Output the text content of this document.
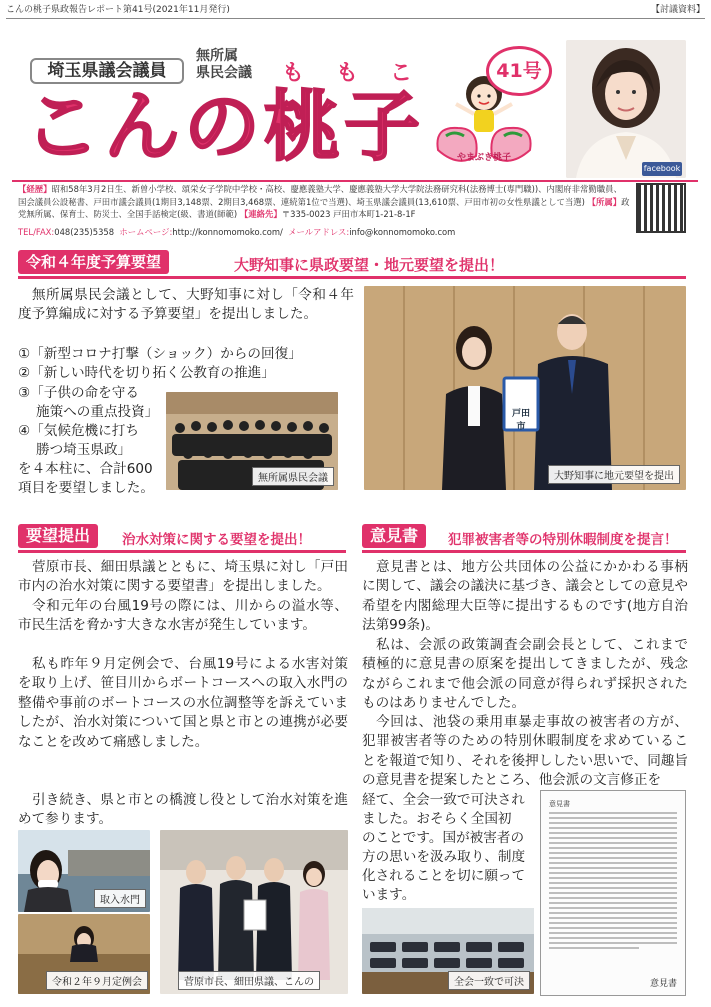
こんの桃子県政報告レポート第41号(2021年11月発行)	【討議資料】
埼玉県議会議員
無所属
県民会議 ももこ
こんの桃子	やまぶき桃子
41号
facebook
【経歴】昭和58年3月2日生、新曽小学校、頌栄女子学院中学校・高校、慶應義塾大学、慶應義塾大学大学院法務研究科(法務博士(専門職))、内閣府非常勤職員、国会議員公設秘書、戸田市議会議員(1期目3,148票、2期目3,468票、連続第1位で当選)、埼玉県議会議員(13,610票、戸田市初の女性県議として当選) 【所属】政党無所属、保育士、防災士、全国手話検定(級、書道(師範) 【連絡先】〒335-0023 戸田市本町1-21-8-1F
TEL/FAX:048(235)5358 ホームページ:http://konnomomoko.com/ メールアドレス:info@konnomomoko.com
令和４年度予算要望	大野知事に県政要望・地元要望を提出！
無所属県民会議として、大野知事に対し「令和４年度予算編成に対する予算要望」を提出しました。
①「新型コロナ打撃（ショック）からの回復」
②「新しい時代を切り拓く公教育の推進」
③「子供の命を守る
施策への重点投資」
④「気候危機に打ち
勝つ埼玉県政」
を４本柱に、合計600
項目を要望しました。
無所属県民会議
戸田市
大野知事に地元要望を提出
要望提出	治水対策に関する要望を提出！
菅原市長、細田県議とともに、埼玉県に対し「戸田市内の治水対策に関する要望書」を提出しました。
令和元年の台風19号の際には、川からの溢水等、市民生活を脅かす大きな水害が発生しています。
私も昨年９月定例会で、台風19号による水害対策を取り上げ、笹目川からボートコースへの取入水門の整備や事前のボートコースの水位調整等を訴えていましたが、治水対策について国と県と市との連携が必要なことを改めて痛感しました。
引き続き、県と市との橋渡し役として治水対策を進めて参ります。
取入水門
令和２年９月定例会	菅原市長、細田県議、こんの
意見書	犯罪被害者等の特別休暇制度を提言！
意見書とは、地方公共団体の公益にかかわる事柄に関して、議会の議決に基づき、議会としての意見や希望を内閣総理大臣等に提出するものです(地方自治法第99条)。
私は、会派の政策調査会副会長として、これまで積極的に意見書の原案を提出してきましたが、残念ながらこれまで他会派の同意が得られず採択されたものはありませんでした。
今回は、池袋の乗用車暴走事故の被害者の方が、犯罪被害者等のための特別休暇制度を求めていることを報道で知り、それを後押ししたい思いで、同趣旨の意見書を提案したところ、他会派の文言修正を
経て、全会一致で可決され
ました。おそらく全国初
のことです。国が被害者の
方の思いを汲み取り、制度
化されることを切に願って
います。
意見書
意見書
全会一致で可決
